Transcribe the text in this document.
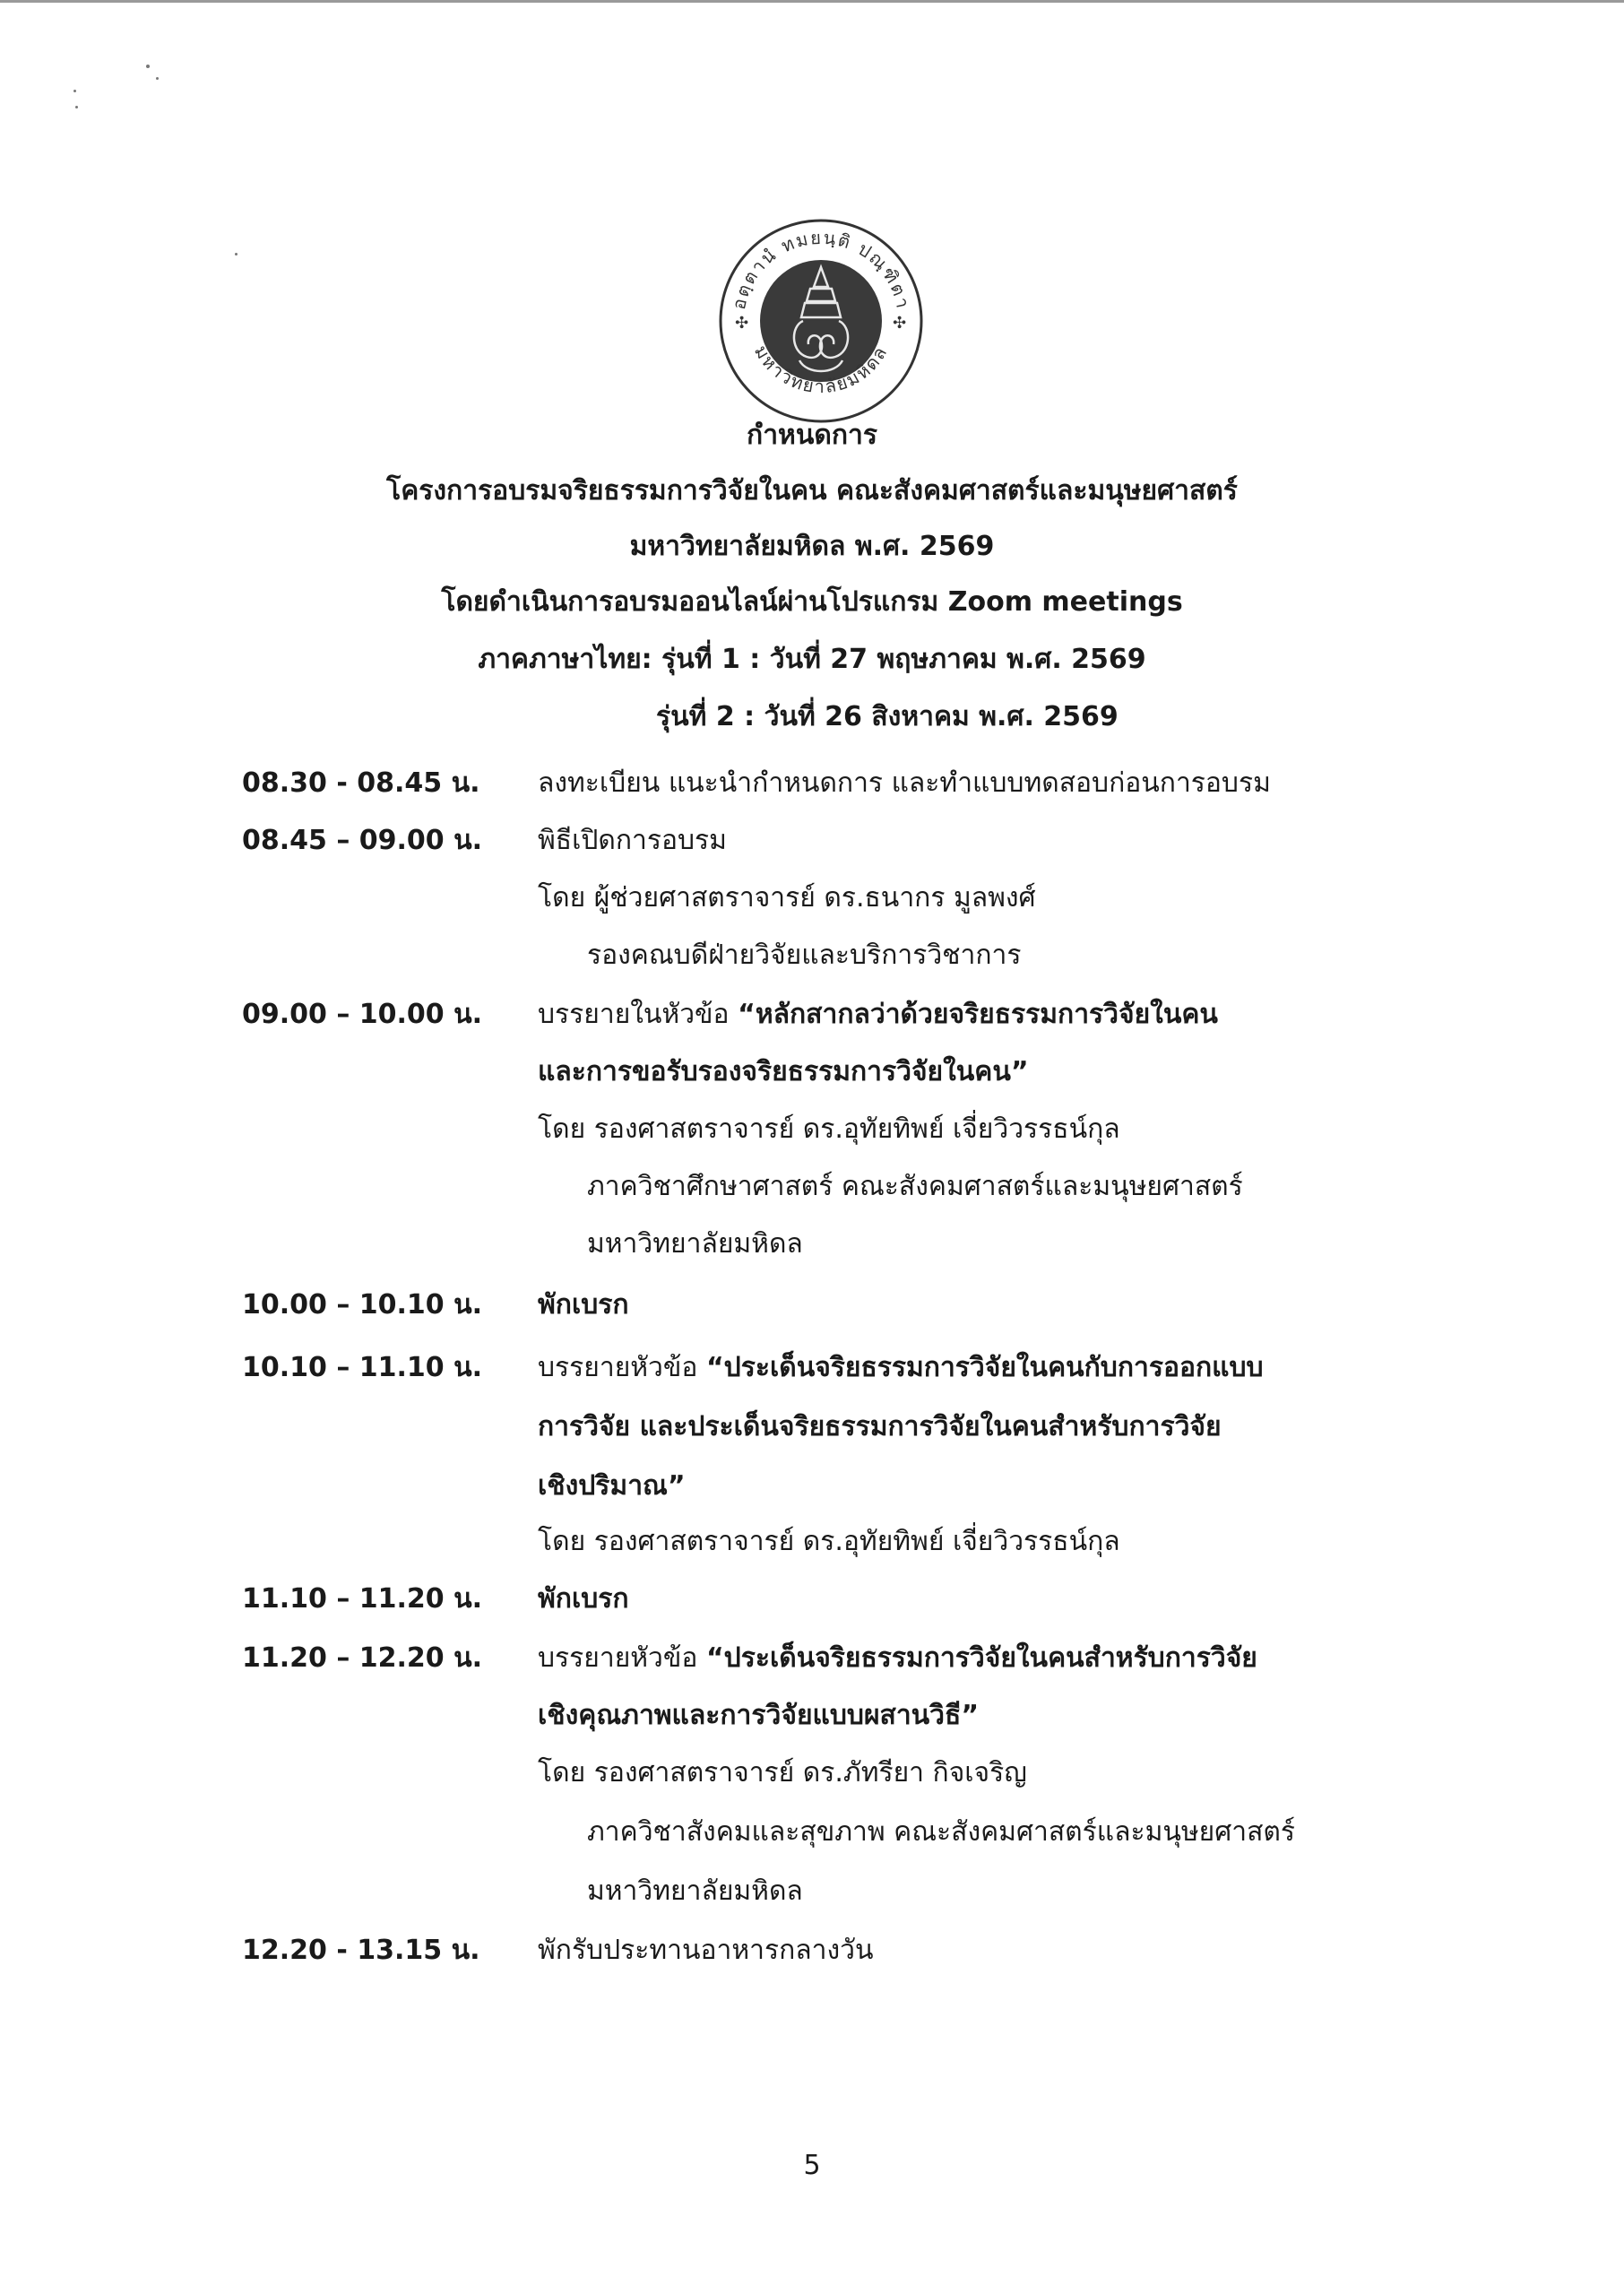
อตฺตานํ ทมยนฺติ ปณฺฑิตา
มหาวิทยาลัยมหิดล
✣	✣
กำหนดการ
โครงการอบรมจริยธรรมการวิจัยในคน คณะสังคมศาสตร์และมนุษยศาสตร์
มหาวิทยาลัยมหิดล พ.ศ. 2569
โดยดำเนินการอบรมออนไลน์ผ่านโปรแกรม Zoom meetings
ภาคภาษาไทย: รุ่นที่ 1 : วันที่ 27 พฤษภาคม พ.ศ. 2569
รุ่นที่ 2 : วันที่ 26 สิงหาคม พ.ศ. 2569
08.30 - 08.45 น. ลงทะเบียน แนะนำกำหนดการ และทำแบบทดสอบก่อนการอบรม
08.45 – 09.00 น. พิธีเปิดการอบรม
โดย ผู้ช่วยศาสตราจารย์ ดร.ธนากร มูลพงศ์
รองคณบดีฝ่ายวิจัยและบริการวิชาการ
09.00 – 10.00 น. บรรยายในหัวข้อ “หลักสากลว่าด้วยจริยธรรมการวิจัยในคน
และการขอรับรองจริยธรรมการวิจัยในคน”
โดย รองศาสตราจารย์ ดร.อุทัยทิพย์ เจี่ยวิวรรธน์กุล
ภาควิชาศึกษาศาสตร์ คณะสังคมศาสตร์และมนุษยศาสตร์
มหาวิทยาลัยมหิดล
10.00 – 10.10 น. พักเบรก
10.10 – 11.10 น. บรรยายหัวข้อ “ประเด็นจริยธรรมการวิจัยในคนกับการออกแบบ
การวิจัย และประเด็นจริยธรรมการวิจัยในคนสำหรับการวิจัย
เชิงปริมาณ”
โดย รองศาสตราจารย์ ดร.อุทัยทิพย์ เจี่ยวิวรรธน์กุล
11.10 – 11.20 น. พักเบรก
11.20 – 12.20 น. บรรยายหัวข้อ “ประเด็นจริยธรรมการวิจัยในคนสำหรับการวิจัย
เชิงคุณภาพและการวิจัยแบบผสานวิธี”
โดย รองศาสตราจารย์ ดร.ภัทรียา กิจเจริญ
ภาควิชาสังคมและสุขภาพ คณะสังคมศาสตร์และมนุษยศาสตร์
มหาวิทยาลัยมหิดล
12.20 - 13.15 น. พักรับประทานอาหารกลางวัน
5
